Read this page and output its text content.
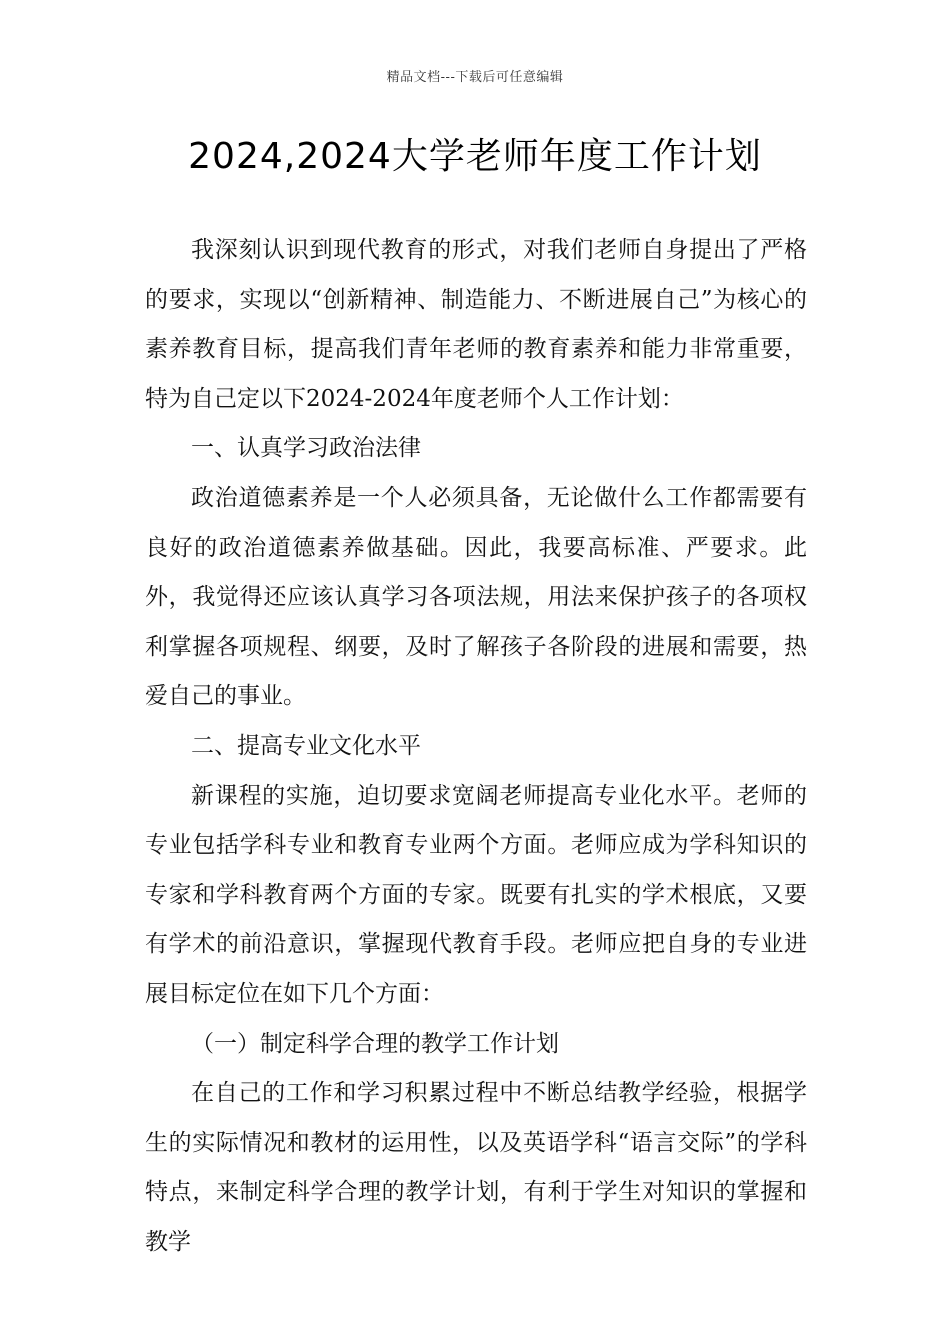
精品文档---下载后可任意编辑
2024,2024大学老师年度工作计划

我深刻认识到现代教育的形式，对我们老师自身提出了严格的要求，实现以“创新精神、制造能力、不断进展自己”为核心的素养教育目标，提高我们青年老师的教育素养和能力非常重要，特为自己定以下2024-2024年度老师个人工作计划：

一、认真学习政治法律

政治道德素养是一个人必须具备，无论做什么工作都需要有良好的政治道德素养做基础。因此，我要高标准、严要求。此外，我觉得还应该认真学习各项法规，用法来保护孩子的各项权利掌握各项规程、纲要，及时了解孩子各阶段的进展和需要，热爱自己的事业。

二、提高专业文化水平

新课程的实施，迫切要求宽阔老师提高专业化水平。老师的专业包括学科专业和教育专业两个方面。老师应成为学科知识的专家和学科教育两个方面的专家。既要有扎实的学术根底，又要有学术的前沿意识，掌握现代教育手段。老师应把自身的专业进展目标定位在如下几个方面：

（一）制定科学合理的教学工作计划

在自己的工作和学习积累过程中不断总结教学经验，根据学生的实际情况和教材的运用性，以及英语学科“语言交际”的学科特点，来制定科学合理的教学计划，有利于学生对知识的掌握和教学
